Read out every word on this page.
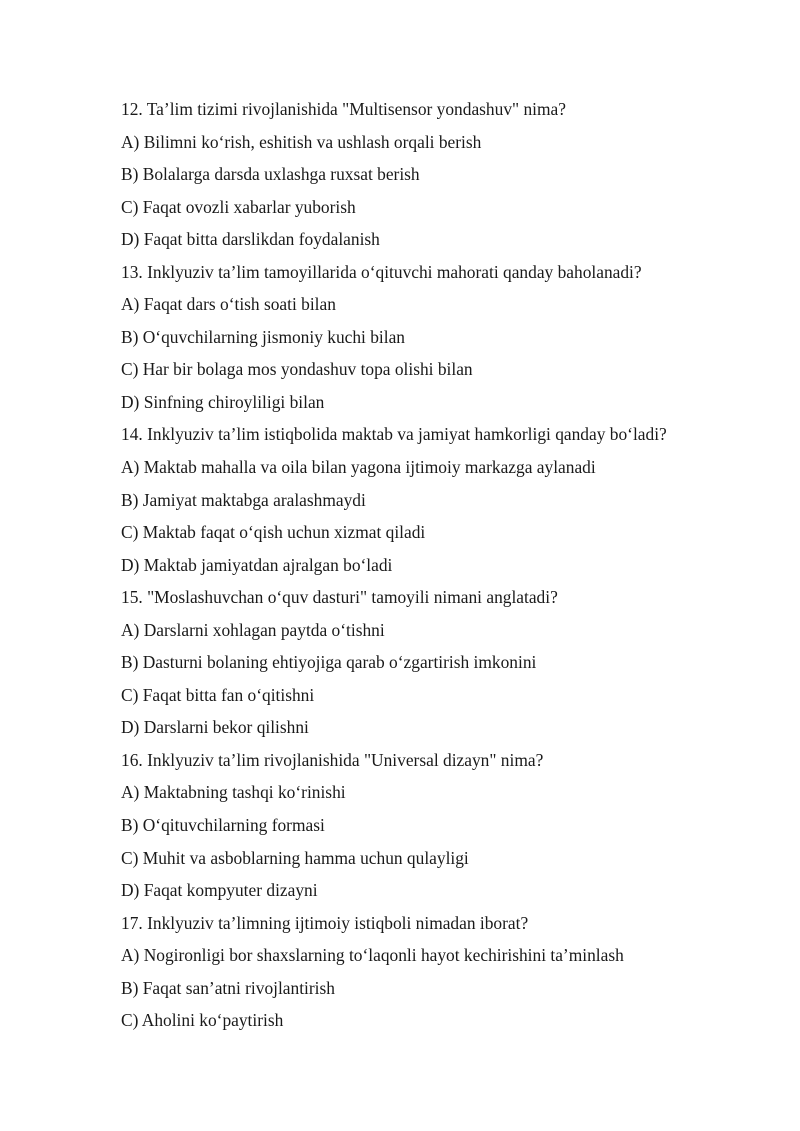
12. Ta’lim tizimi rivojlanishida "Multisensor yondashuv" nima?
A) Bilimni ko‘rish, eshitish va ushlash orqali berish
B) Bolalarga darsda uxlashga ruxsat berish
C) Faqat ovozli xabarlar yuborish
D) Faqat bitta darslikdan foydalanish
13. Inklyuziv ta’lim tamoyillarida o‘qituvchi mahorati qanday baholanadi?
A) Faqat dars o‘tish soati bilan
B) O‘quvchilarning jismoniy kuchi bilan
C) Har bir bolaga mos yondashuv topa olishi bilan
D) Sinfning chiroyliligi bilan
14. Inklyuziv ta’lim istiqbolida maktab va jamiyat hamkorligi qanday bo‘ladi?
A) Maktab mahalla va oila bilan yagona ijtimoiy markazga aylanadi
B) Jamiyat maktabga aralashmaydi
C) Maktab faqat o‘qish uchun xizmat qiladi
D) Maktab jamiyatdan ajralgan bo‘ladi
15. "Moslashuvchan o‘quv dasturi" tamoyili nimani anglatadi?
A) Darslarni xohlagan paytda o‘tishni
B) Dasturni bolaning ehtiyojiga qarab o‘zgartirish imkonini
C) Faqat bitta fan o‘qitishni
D) Darslarni bekor qilishni
16. Inklyuziv ta’lim rivojlanishida "Universal dizayn" nima?
A) Maktabning tashqi ko‘rinishi
B) O‘qituvchilarning formasi
C) Muhit va asboblarning hamma uchun qulayligi
D) Faqat kompyuter dizayni
17. Inklyuziv ta’limning ijtimoiy istiqboli nimadan iborat?
A) Nogironligi bor shaxslarning to‘laqonli hayot kechirishini ta’minlash
B) Faqat san’atni rivojlantirish
C) Aholini ko‘paytirish
